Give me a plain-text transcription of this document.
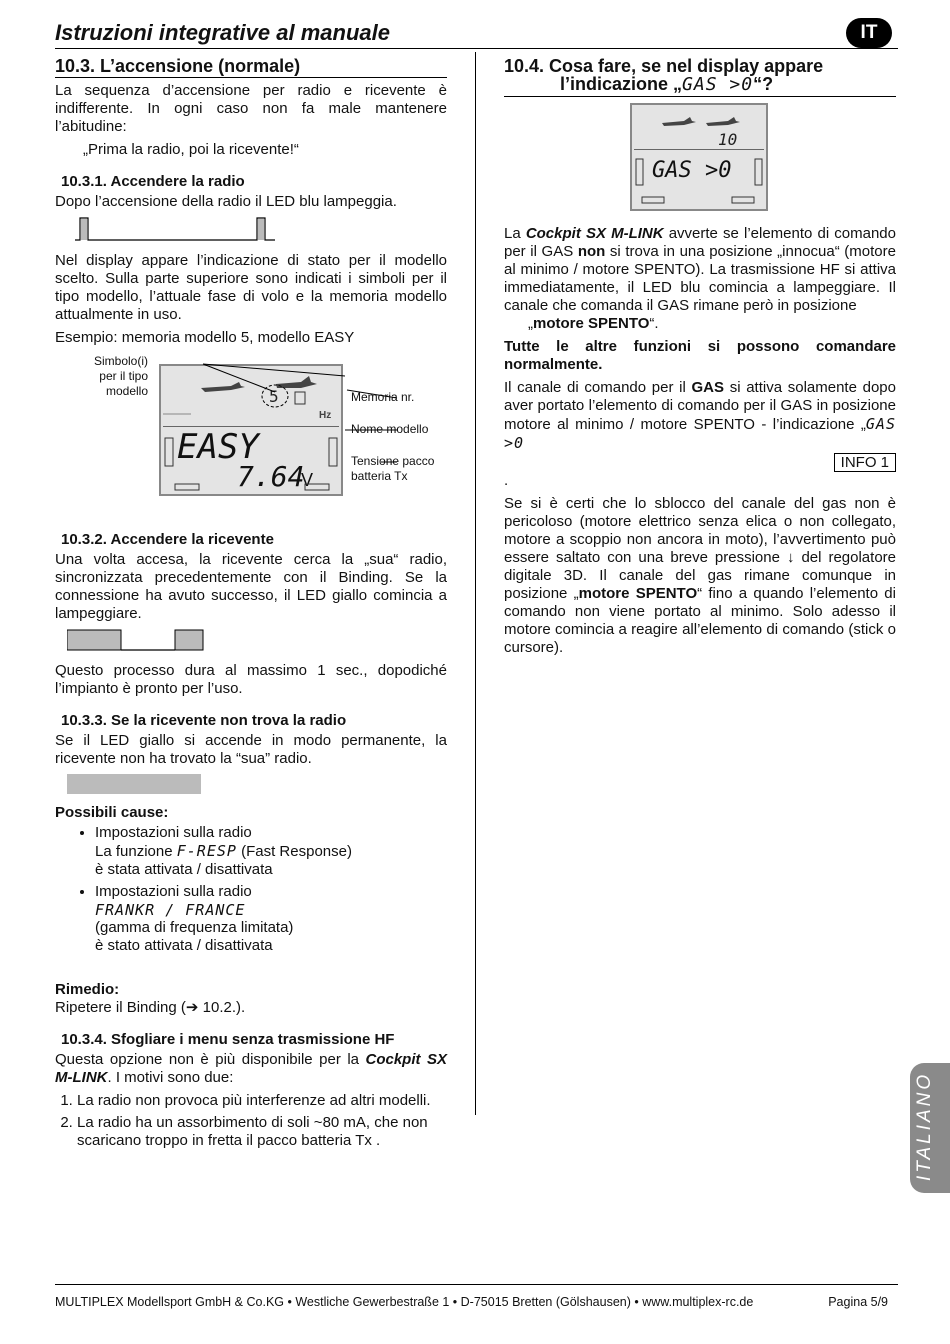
Istruzioni integrative al manuale	IT
10.3. L’accensione (normale)

La sequenza d’accensione per radio e ricevente è indifferente. In ogni caso non fa male mantenere l’abitudine:

„Prima la radio, poi la ricevente!“

10.3.1. Accendere la radio

Dopo l’accensione della radio il LED blu lampeggia.

Nel display appare l’indicazione di stato per il modello scelto. Sulla parte superiore sono indicati i simboli per il tipo modello, l’attuale fase di volo e la memoria modello attualmente in uso.

Esempio: memoria modello 5, modello EASY

Simbolo(i)
per il tipo
modello	5
Hz
EASY
7.64
V
Memoria nr.
Nome modello
Tensione pacco
batteria Tx
10.3.2. Accendere la ricevente

Una volta accesa, la ricevente cerca la „sua“ radio, sincronizzata precedentemente con il Binding. Se la connessione ha avuto successo, il LED giallo comincia a lampeggiare.

Questo processo dura al massimo 1 sec., dopodiché l’impianto è pronto per l’uso.

10.3.3. Se la ricevente non trova la radio

Se il LED giallo si accende in modo permanente, la ricevente non ha trovato la “sua” radio.

Possibili cause:

• Impostazioni sulla radio
La funzione F-RESP (Fast Response)
è stata attivata / disattivata
• Impostazioni sulla radio
FRANKR / FRANCE
(gamma di frequenza limitata)
è stato attivata / disattivata

Rimedio:

Ripetere il Binding (➔ 10.2.).

10.3.4. Sfogliare i menu senza trasmissione HF

Questa opzione non è più disponibile per la Cockpit SX M-LINK. I motivi sono due:

1. La radio non provoca più interferenze ad altri modelli.
2. La radio ha un assorbimento di soli ~80 mA, che non scaricano troppo in fretta il pacco batteria Tx .
10.4. Cosa fare, se nel display appare
l’indicazione „GAS >0“?
10
GAS >0

La Cockpit SX M-LINK avverte se l’elemento di comando per il GAS non si trova in una posizione „innocua“ (motore al minimo / motore SPENTO). La trasmissione HF si attiva immediatamente, il LED blu comincia a lampeggiare. Il canale che comanda il GAS rimane però in posizione
„motore SPENTO“.

Tutte le altre funzioni si possono comandare normalmente.

Il canale di comando per il GAS si attiva solamente dopo aver portato l’elemento di comando per il GAS in posizione motore al minimo / motore SPENTO - l’indicazione „GAS >0

INFO 1

.

Se si è certi che lo sblocco del canale del gas non è pericoloso (motore elettrico senza elica o non collegato, motore a scoppio non ancora in moto), l’avvertimento può essere saltato con una breve pressione ↓ del regolatore digitale 3D. Il canale del gas rimane comunque in posizione „motore SPENTO“ fino a quando l’elemento di comando non viene portato al minimo. Solo adesso il motore comincia a reagire all’elemento di comando (stick o cursore).

ITALIANO
MULTIPLEX Modellsport GmbH & Co.KG • Westliche Gewerbestraße 1 • D-75015 Bretten (Gölshausen) • www.multiplex-rc.de	Pagina 5/9
